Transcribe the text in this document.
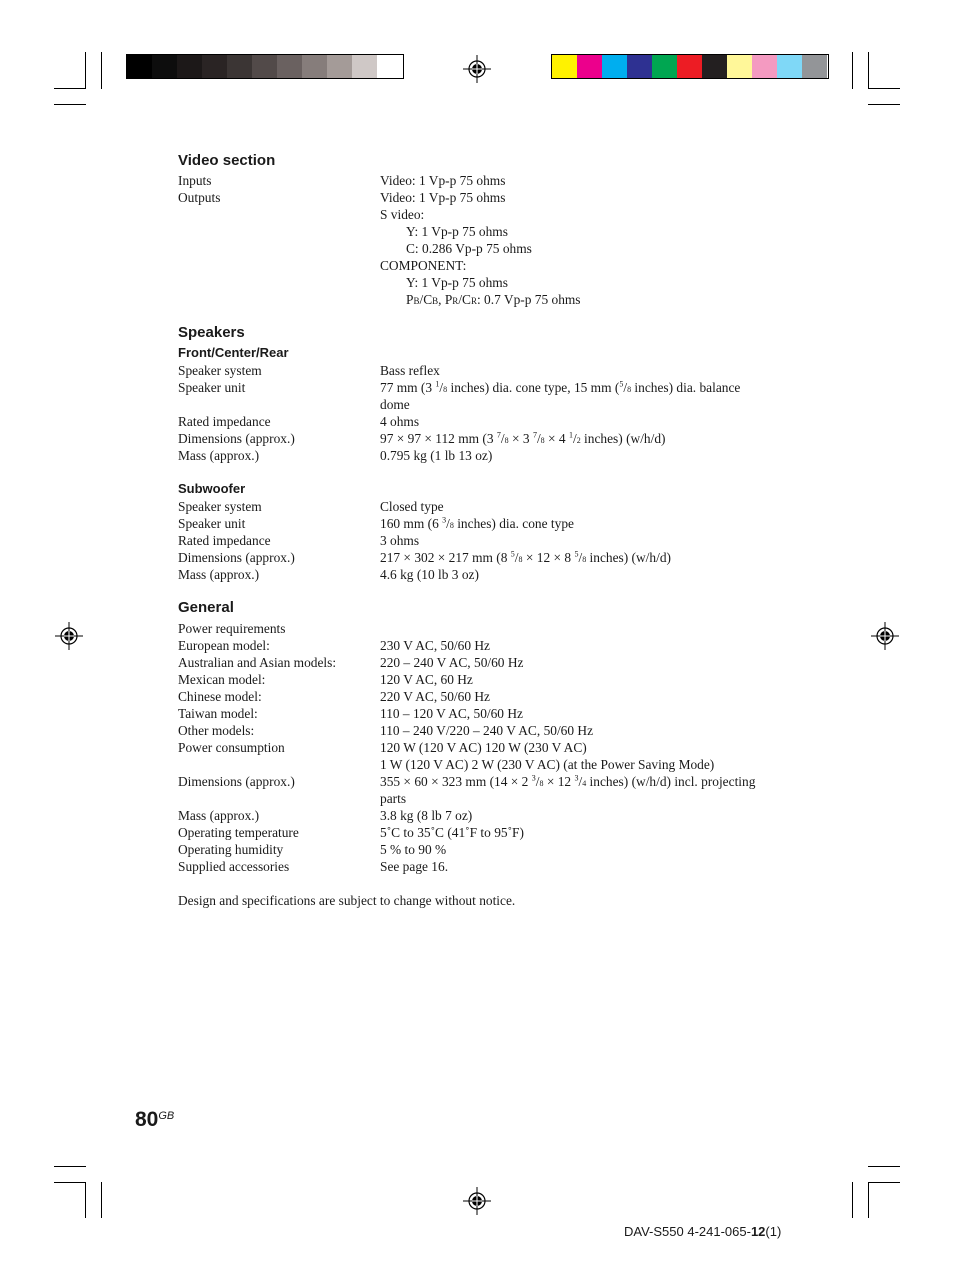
Video section
Inputs	Video: 1 Vp-p 75 ohms
Outputs	Video: 1 Vp-p 75 ohms
S video:
Y: 1 Vp-p 75 ohms
C: 0.286 Vp-p 75 ohms
COMPONENT:
Y: 1 Vp-p 75 ohms
PB/CB, PR/CR: 0.7 Vp-p 75 ohms
Speakers
Front/Center/Rear
Speaker system	Bass reflex
Speaker unit	77 mm (3 $^1$/8 inches) dia. cone type, 15 mm ($^5$/8 inches) dia. balance
dome
Rated impedance	4 ohms
Dimensions (approx.)	97 × 97 × 112 mm (3 $^7$/8 × 3 $^7$/8 × 4 $^1$/2 inches) (w/h/d)
Mass (approx.)	0.795 kg (1 lb 13 oz)
Subwoofer
Speaker system	Closed type
Speaker unit	160 mm (6 $^3$/8 inches) dia. cone type
Rated impedance	3 ohms
Dimensions (approx.)	217 × 302 × 217 mm (8 $^5$/8 × 12 × 8 $^5$/8 inches) (w/h/d)
Mass (approx.)	4.6 kg (10 lb 3 oz)
General
Power requirements
European model:	230 V AC, 50/60 Hz
Australian and Asian models:	220 – 240 V AC, 50/60 Hz
Mexican model:	120 V AC, 60 Hz
Chinese model:	220 V AC, 50/60 Hz
Taiwan model:	110 – 120 V AC, 50/60 Hz
Other models:	110 – 240 V/220 – 240 V AC, 50/60 Hz
Power consumption	120 W (120 V AC) 120 W (230 V AC)
1 W (120 V AC) 2 W (230 V AC) (at the Power Saving Mode)
Dimensions (approx.)	355 × 60 × 323 mm (14 × 2 $^3$/8 × 12 $^3$/4 inches) (w/h/d) incl. projecting
parts
Mass (approx.)	3.8 kg (8 lb 7 oz)
Operating temperature	5˚C to 35˚C (41˚F to 95˚F)
Operating humidity	5 % to 90 %
Supplied accessories	See page 16.
Design and specifications are subject to change without notice.
$80^{GB}$
DAV-S550 4-241-065-12(1)
